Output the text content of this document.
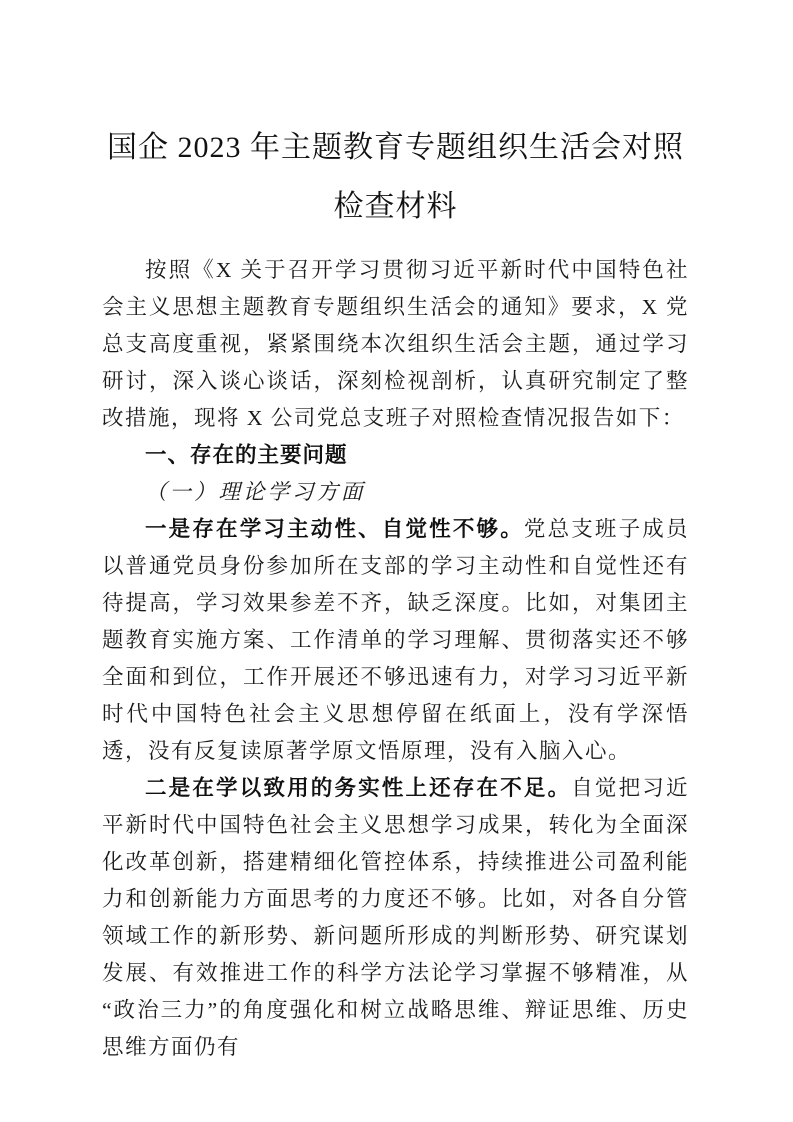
国企 2023 年主题教育专题组织生活会对照
检查材料

按照《X 关于召开学习贯彻习近平新时代中国特色社会主义思想主题教育专题组织生活会的通知》要求，X 党总支高度重视，紧紧围绕本次组织生活会主题，通过学习研讨，深入谈心谈话，深刻检视剖析，认真研究制定了整改措施，现将 X 公司党总支班子对照检查情况报告如下：

一、存在的主要问题
（一）理论学习方面

一是存在学习主动性、自觉性不够。党总支班子成员以普通党员身份参加所在支部的学习主动性和自觉性还有待提高，学习效果参差不齐，缺乏深度。比如，对集团主题教育实施方案、工作清单的学习理解、贯彻落实还不够全面和到位，工作开展还不够迅速有力，对学习习近平新时代中国特色社会主义思想停留在纸面上，没有学深悟透，没有反复读原著学原文悟原理，没有入脑入心。

二是在学以致用的务实性上还存在不足。自觉把习近平新时代中国特色社会主义思想学习成果，转化为全面深化改革创新，搭建精细化管控体系，持续推进公司盈利能力和创新能力方面思考的力度还不够。比如，对各自分管领域工作的新形势、新问题所形成的判断形势、研究谋划发展、有效推进工作的科学方法论学习掌握不够精准，从“政治三力”的角度强化和树立战略思维、辩证思维、历史思维方面仍有
